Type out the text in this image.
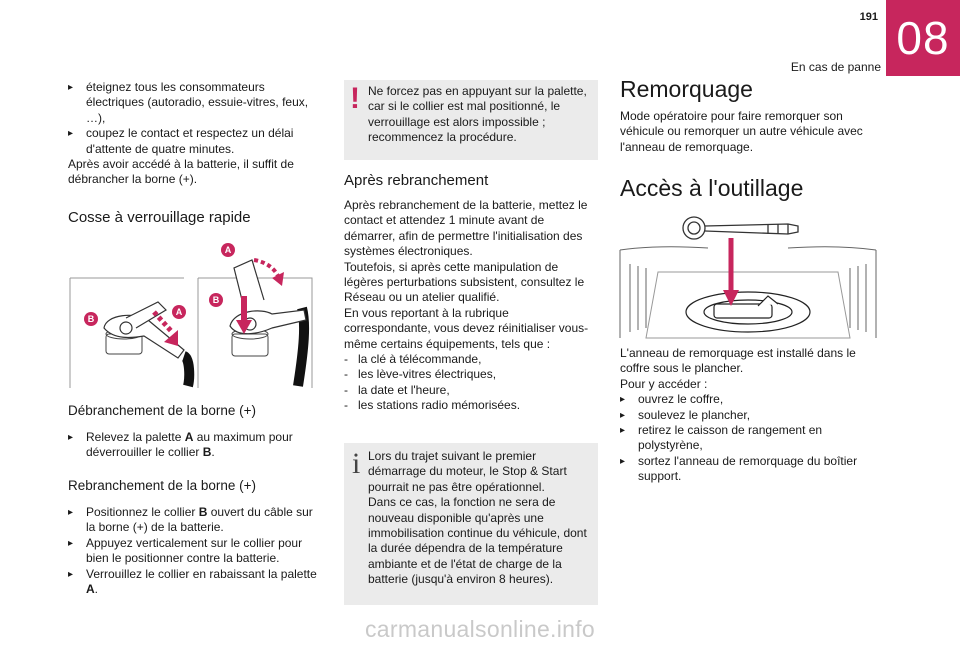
191
En cas de panne
08
▸ éteignez tous les consommateurs électriques (autoradio, essuie-vitres, feux, …),
▸ coupez le contact et respectez un délai d'attente de quatre minutes.
Après avoir accédé à la batterie, il suffit de débrancher la borne (+).
Cosse à verrouillage rapide
A
B
B
A
Débranchement de la borne (+)
▸ Relevez la palette A au maximum pour déverrouiller le collier B.
Rebranchement de la borne (+)
▸ Positionnez le collier B ouvert du câble sur la borne (+) de la batterie.
▸ Appuyez verticalement sur le collier pour bien le positionner contre la batterie.
▸ Verrouillez le collier en rabaissant la palette A.
! Ne forcez pas en appuyant sur la palette, car si le collier est mal positionné, le verrouillage est alors impossible ; recommencez la procédure.
Après rebranchement
Après rebranchement de la batterie, mettez le contact et attendez 1 minute avant de démarrer, afin de permettre l'initialisation des systèmes électroniques.
Toutefois, si après cette manipulation de légères perturbations subsistent, consultez le Réseau ou un atelier qualifié.
En vous reportant à la rubrique correspondante, vous devez réinitialiser vous-même certains équipements, tels que :
- la clé à télécommande,
- les lève-vitres électriques,
- la date et l'heure,
- les stations radio mémorisées.
i Lors du trajet suivant le premier démarrage du moteur, le Stop & Start pourrait ne pas être opérationnel.
Dans ce cas, la fonction ne sera de nouveau disponible qu'après une immobilisation continue du véhicule, dont la durée dépendra de la température ambiante et de l'état de charge de la batterie (jusqu'à environ 8 heures).
Remorquage
Mode opératoire pour faire remorquer son véhicule ou remorquer un autre véhicule avec l'anneau de remorquage.
Accès à l'outillage
L'anneau de remorquage est installé dans le coffre sous le plancher.
Pour y accéder :
▸ ouvrez le coffre,
▸ soulevez le plancher,
▸ retirez le caisson de rangement en polystyrène,
▸ sortez l'anneau de remorquage du boîtier support.
carmanualsonline.info
